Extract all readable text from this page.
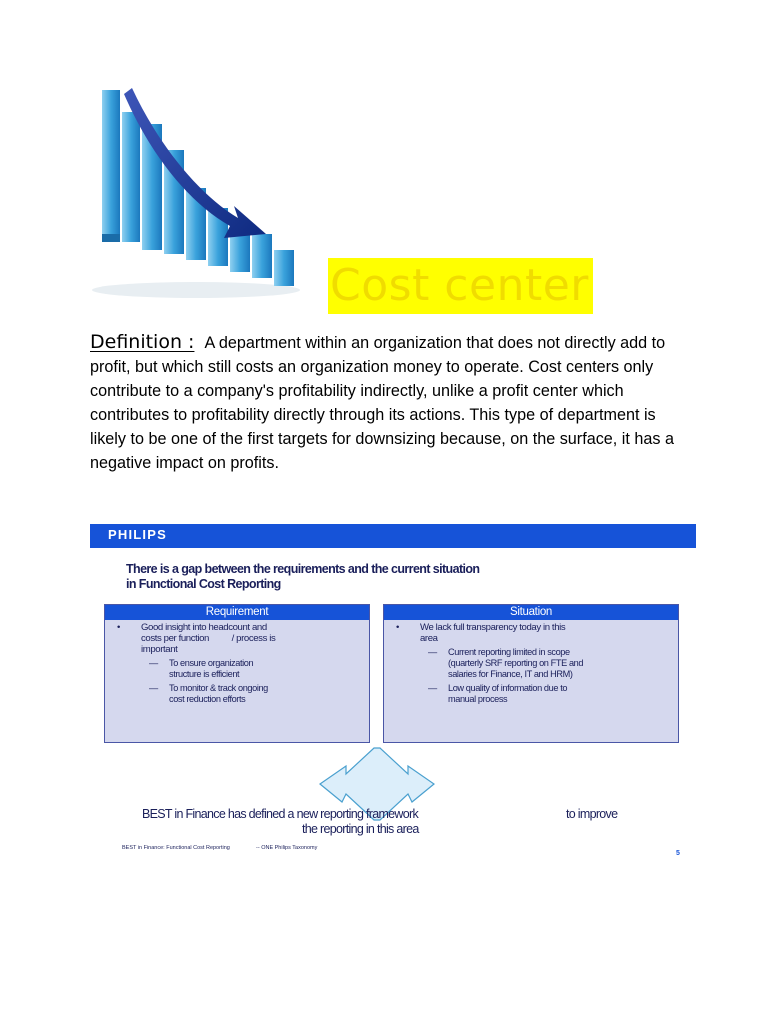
Cost center

Definition : A department within an organization that does not directly add to profit, but which still costs an organization money to operate. Cost centers only contribute to a company's profitability indirectly, unlike a profit center which contributes to profitability directly through its actions. This type of department is likely to be one of the first targets for downsizing because, on the surface, it has a negative impact on profits.

PHILIPS

There is a gap between the requirements and the current situation
in Functional Cost Reporting

Requirement
• Good insight into headcount and
costs per function          / process is
important
— To ensure organization
structure is efficient
— To monitor & track ongoing
cost reduction efforts
Situation
• We lack full transparency today in this
area
— Current reporting limited in scope
(quarterly SRF reporting on FTE and
salaries for Finance, IT and HRM)
— Low quality of information due to
manual process
BEST in Finance has defined a new reporting framework	to improve
the reporting in this area
BEST in Finance: Functional Cost Reporting	-- ONE Philips Taxonomy
5
